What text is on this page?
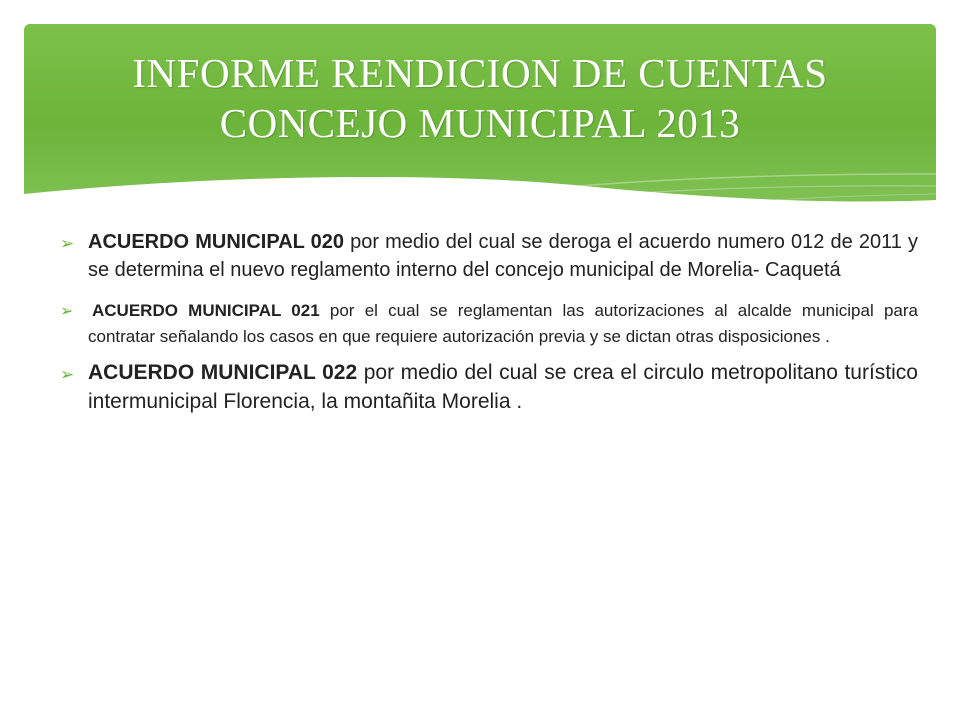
INFORME RENDICION DE CUENTAS
CONCEJO MUNICIPAL 2013
➢ ACUERDO MUNICIPAL 020 por medio del cual se deroga el acuerdo numero 012 de 2011 y se determina el nuevo reglamento interno del concejo municipal de Morelia- Caquetá
➢ ACUERDO MUNICIPAL 021 por el cual se reglamentan las autorizaciones al alcalde municipal para contratar señalando los casos en que requiere autorización previa y se dictan otras disposiciones .
➢ ACUERDO MUNICIPAL 022 por medio del cual se crea el circulo metropolitano turístico intermunicipal Florencia, la montañita Morelia .
